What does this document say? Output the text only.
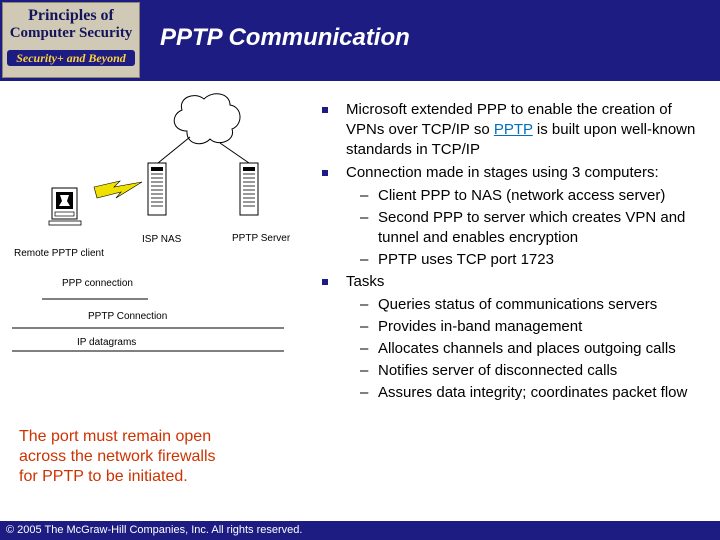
Principles of
Computer Security
Security+ and Beyond
PPTP Communication
Remote PPTP client
ISP NAS	PPTP Server
PPP connection
PPTP Connection
IP datagrams
Microsoft extended PPP to enable the creation of VPNs over TCP/IP so PPTP is built upon well-known standards in TCP/IP
Connection made in stages using 3 computers:
– Client PPP to NAS (network access server)
– Second PPP to server which creates VPN and tunnel and enables encryption
– PPTP uses TCP port 1723
Tasks
– Queries status of communications servers
– Provides in-band management
– Allocates channels and places outgoing calls
– Notifies server of disconnected calls
– Assures data integrity; coordinates packet flow
The port must remain open across the network firewalls for PPTP to be initiated.
© 2005 The McGraw-Hill Companies, Inc. All rights reserved.
